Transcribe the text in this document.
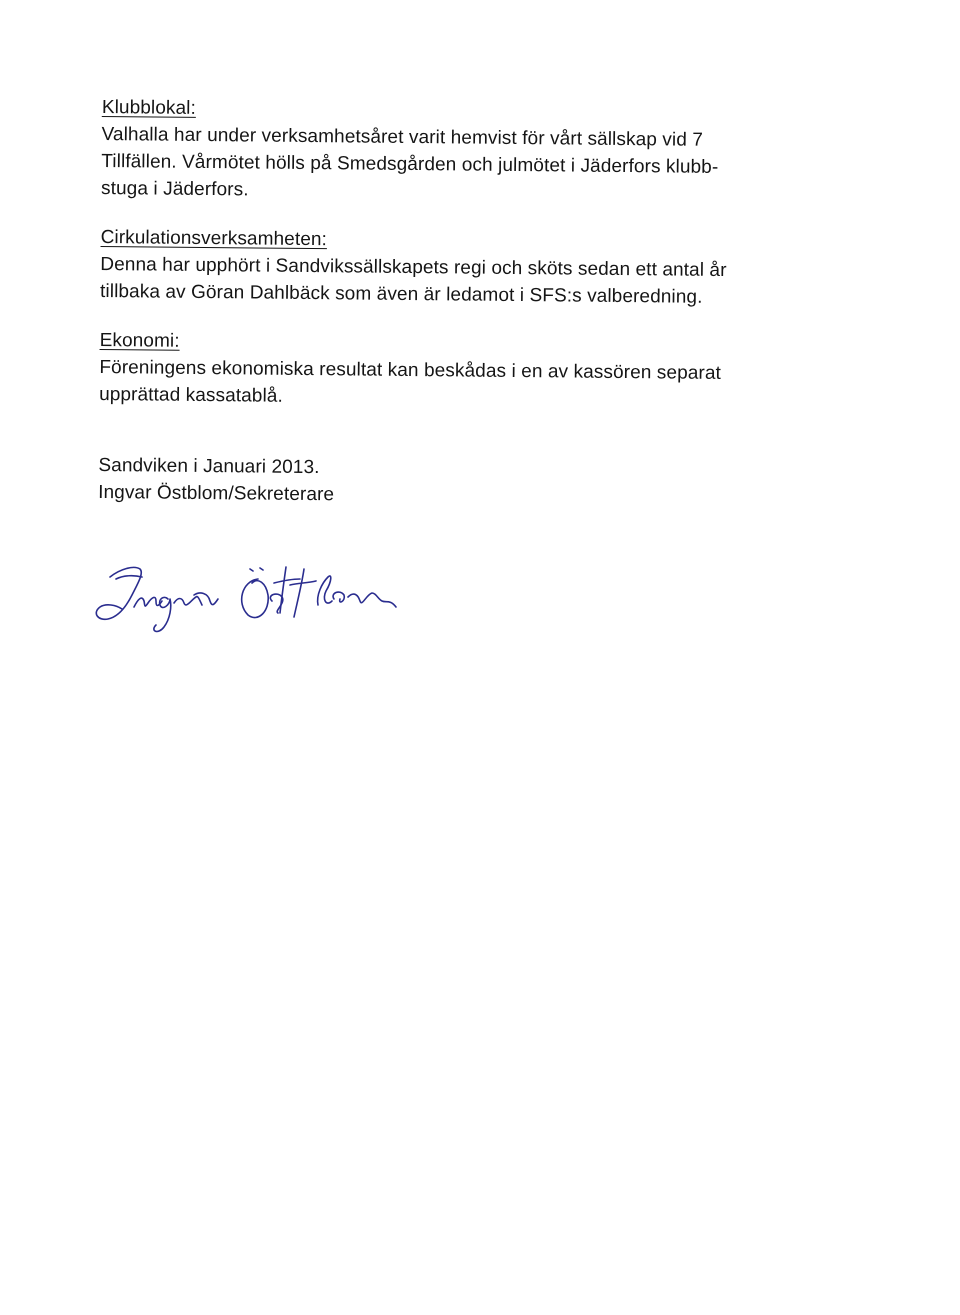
Klubblokal:
Valhalla har under verksamhetsåret varit hemvist för vårt sällskap vid 7
Tillfällen. Vårmötet hölls på Smedsgården och julmötet i Jäderfors klubb-
stuga i Jäderfors.
Cirkulationsverksamheten:
Denna har upphört i Sandvikssällskapets regi och sköts sedan ett antal år
tillbaka av Göran Dahlbäck som även är ledamot i SFS:s valberedning.
Ekonomi:
Föreningens ekonomiska resultat kan beskådas i en av kassören separat
upprättad kassatablå.
Sandviken i Januari 2013.
Ingvar Östblom/Sekreterare
